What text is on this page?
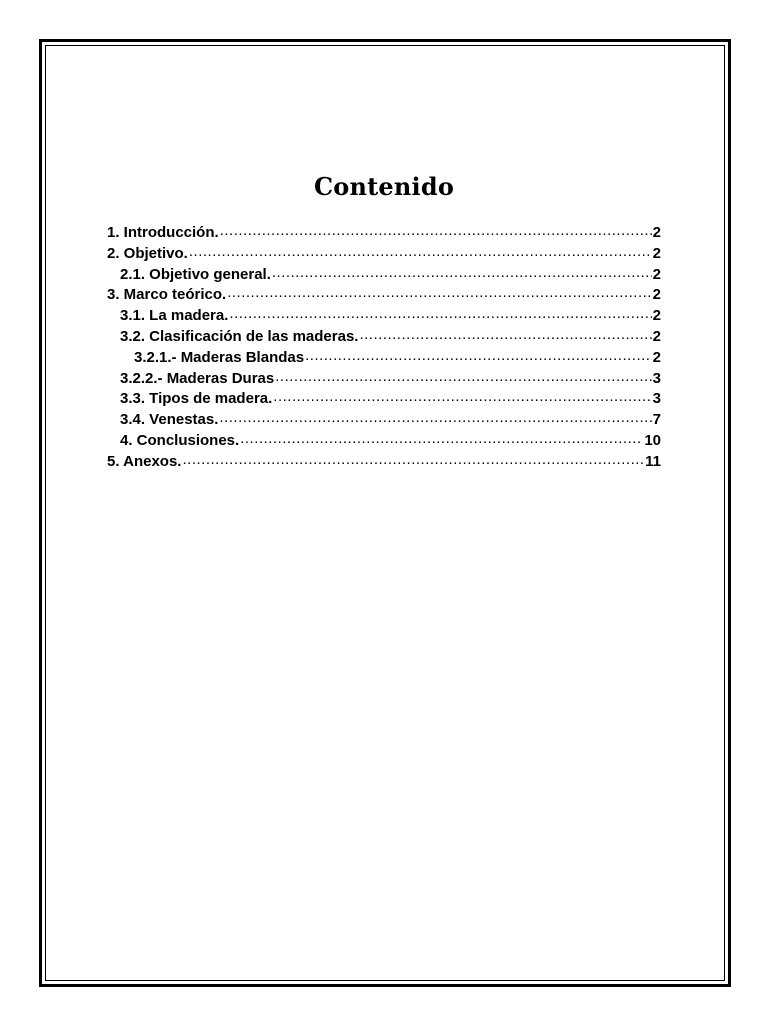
Contenido
1. Introducción. .....	2
2. Objetivo. .....	2
2.1. Objetivo general. .....	2
3. Marco teórico. .....	2
3.1. La madera. .....	2
3.2. Clasificación de las maderas. .....	2
3.2.1.- Maderas Blandas .....	2
3.2.2.- Maderas Duras .....	3
3.3. Tipos de madera. .....	3
3.4. Venestas. .....	7
4. Conclusiones. .....	10
5. Anexos. .....	11
